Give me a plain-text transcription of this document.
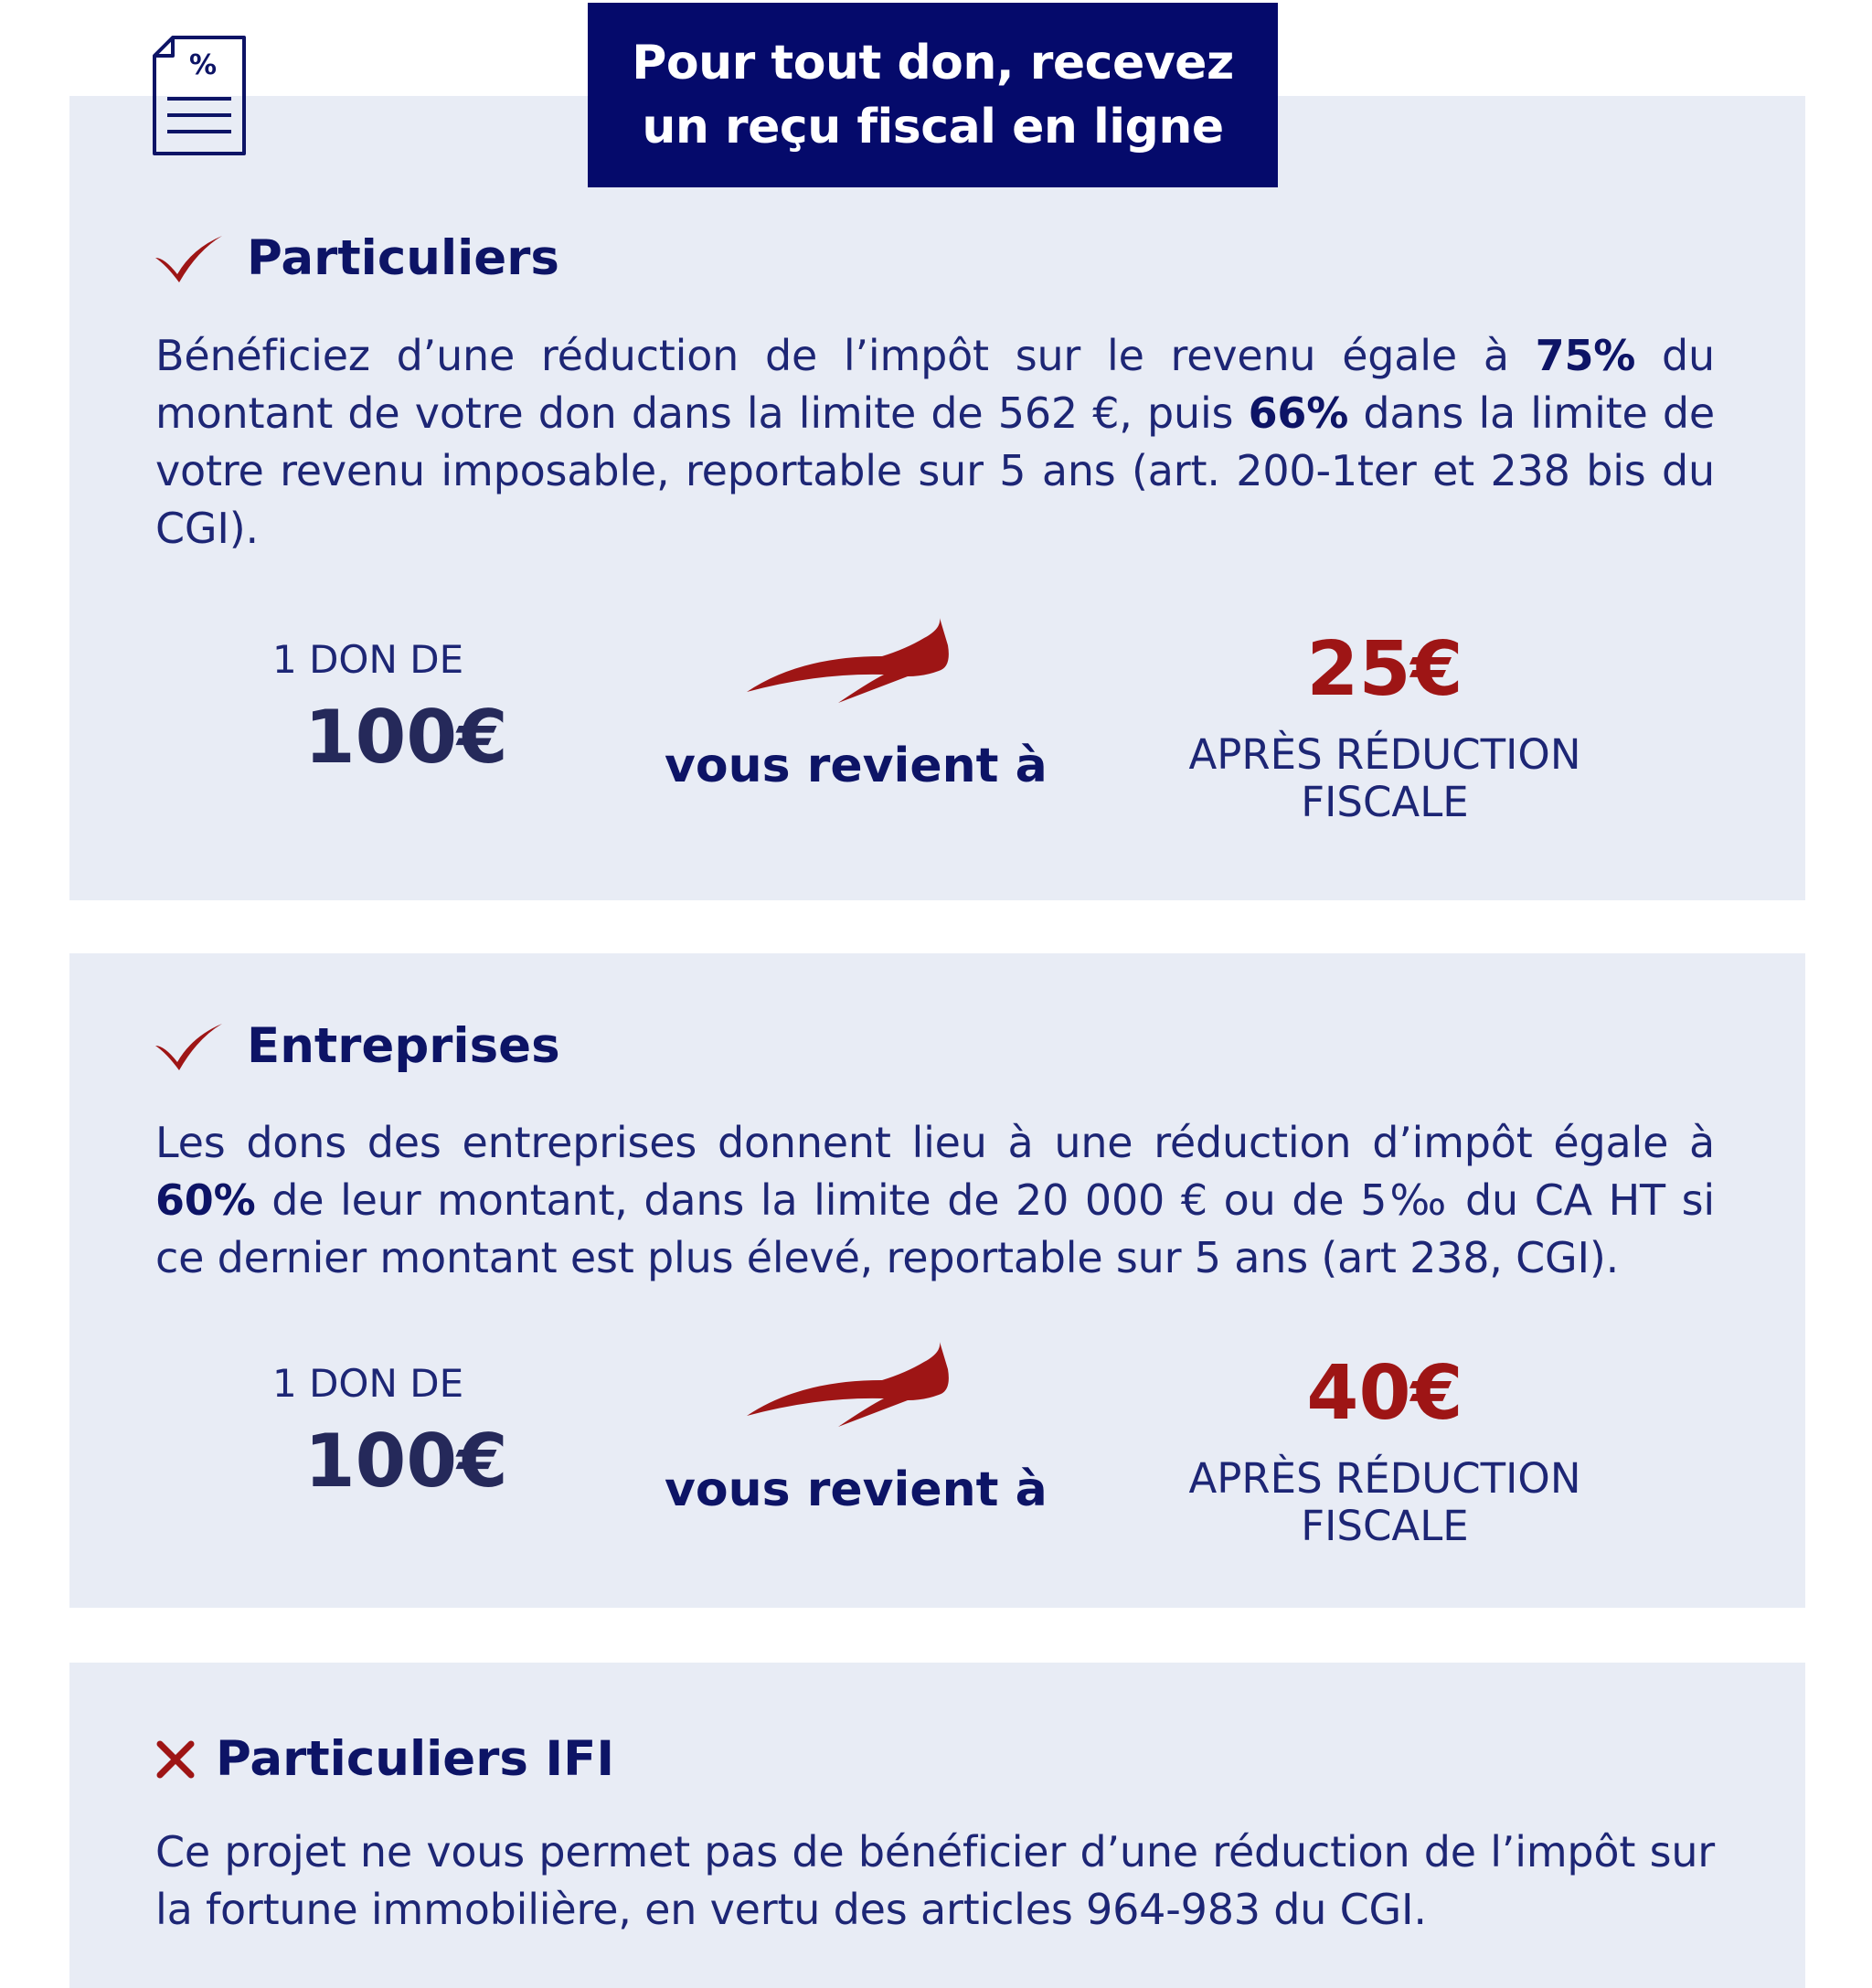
%	Pour tout don, recevez
un reçu fiscal en ligne
Particuliers
Bénéficiez d’une réduction de l’impôt sur le revenu égale à 75% du montant de votre don dans la limite de 562 €, puis 66% dans la limite de votre revenu imposable, reportable sur 5 ans (art. 200-1ter et 238 bis du CGI).
1 DON DE
100€	vous revient à
25€
APRÈS RÉDUCTION
FISCALE
Entreprises
Les dons des entreprises donnent lieu à une réduction d’impôt égale à 60% de leur montant, dans la limite de 20 000 € ou de 5‰ du CA HT si ce dernier montant est plus élevé, reportable sur 5 ans (art 238, CGI).
1 DON DE
100€	vous revient à
40€
APRÈS RÉDUCTION
FISCALE
Particuliers IFI
Ce projet ne vous permet pas de bénéficier d’une réduction de l’impôt sur la fortune immobilière, en vertu des articles 964-983 du CGI.
